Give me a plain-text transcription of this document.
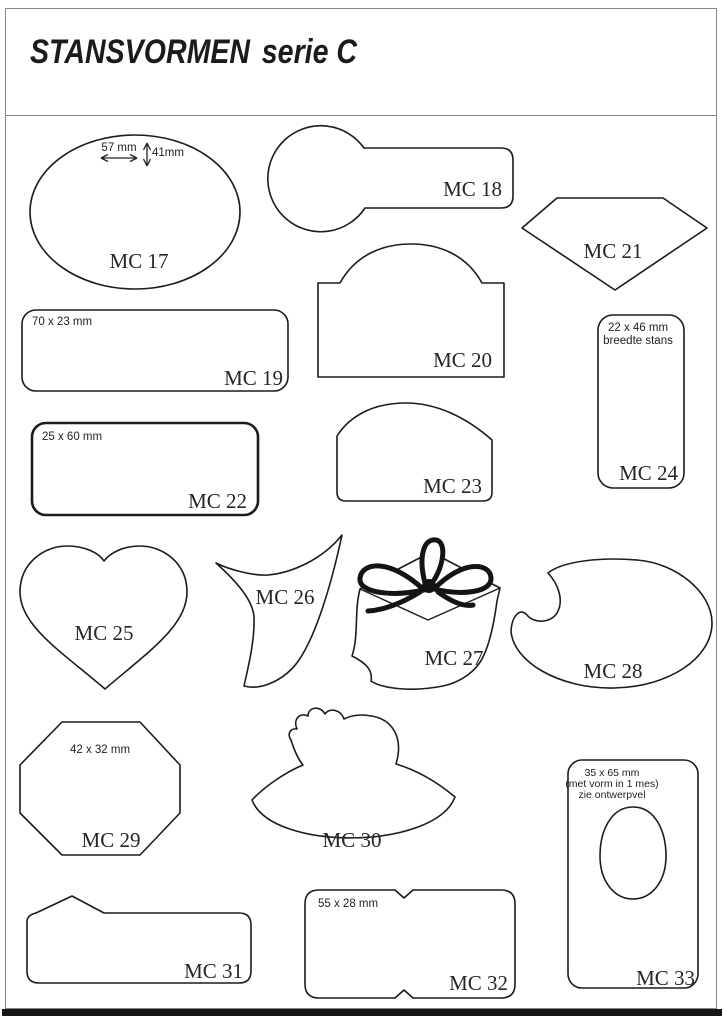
STANSVORMEN serie C
57 mm 41mm
MC 17
MC 18
MC 21
70 x 23 mm
MC 19
MC 20
22 x 46 mm
breedte stans
MC 24
25 x 60 mm
MC 22
MC 23
MC 25
MC 26
MC 27
MC 28
42 x 32 mm
MC 29	MC 30
35 x 65 mm
(met vorm in 1 mes)
zie ontwerpvel
MC 33
MC 31
55 x 28 mm
MC 32
